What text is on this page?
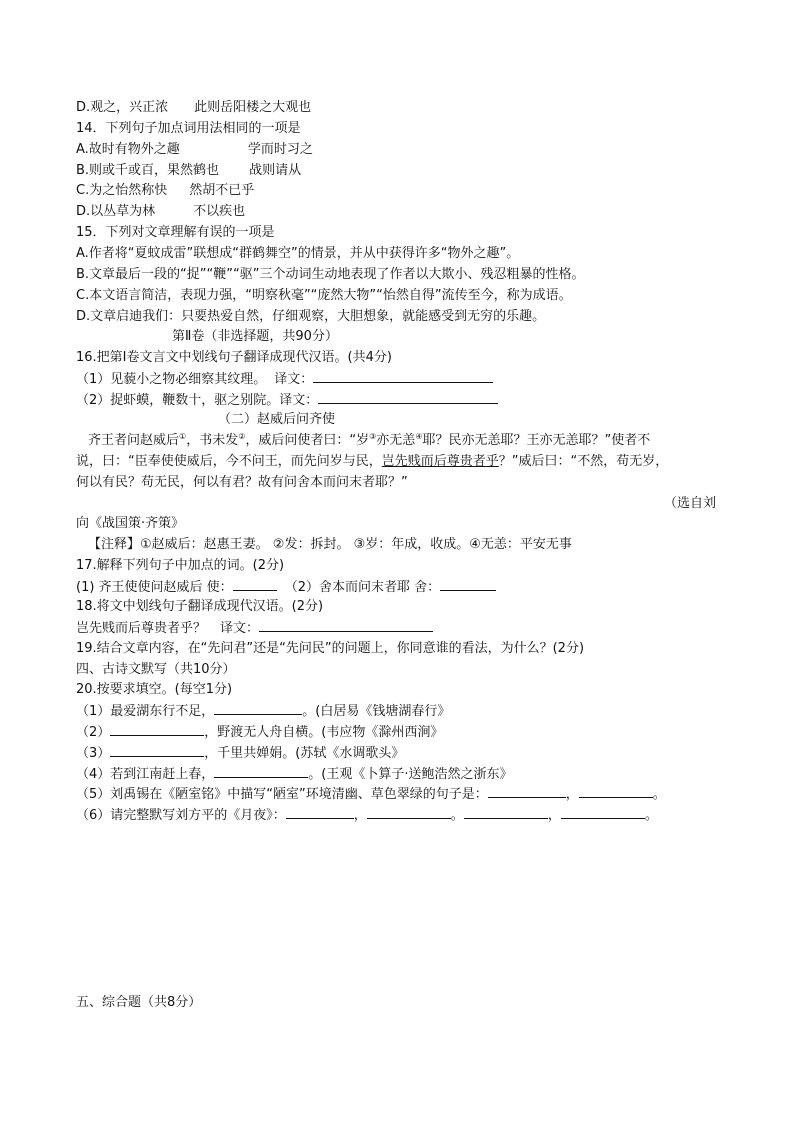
D.观之，兴正浓 此则岳阳楼之大观也
14．下列句子加点词用法相同的一项是
A.故时有物外之趣	学而时习之
B.则或千或百，果然鹤也 战则请从
C.为之怡然称快 然胡不已乎
D.以丛草为林	不以疾也
15．下列对文章理解有误的一项是
A.作者将“夏蚊成雷”联想成“群鹤舞空”的情景，并从中获得许多“物外之趣”。
B.文章最后一段的“捉”“鞭”“驱”三个动词生动地表现了作者以大欺小、残忍粗暴的性格。
C.本文语言简洁，表现力强，“明察秋毫”“庞然大物”“怡然自得”流传至今，称为成语。
D.文章启迪我们：只要热爱自然，仔细观察，大胆想象，就能感受到无穷的乐趣。
第Ⅱ卷（非选择题，共90分）
16.把第Ⅰ卷文言文中划线句子翻译成现代汉语。(共4分)
（1）见藐小之物必细察其纹理。 译文：
（2）捉虾蟆，鞭数十，驱之别院。译文：
（二）赵威后问齐使
齐王者问赵威后①，书未发②，威后问使者曰：“岁③亦无恙④耶？民亦无恙耶？王亦无恙耶？”使者不
说，曰：“臣奉使使威后，今不问王，而先问岁与民，岂先贱而后尊贵者乎？”威后曰：“不然，苟无岁，
何以有民？苟无民，何以有君？故有问舍本而问末者耶？”
（选自刘
向《战国策·齐策》
【注释】①赵威后：赵惠王妻。 ②发：拆封。 ③岁：年成，收成。④无恙：平安无事
17.解释下列句子中加点的词。(2分)
(1) 齐王使使问赵威后 使：	（2）舍本而问末者耶 舍：
18.将文中划线句子翻译成现代汉语。(2分)
岂先贱而后尊贵者乎？ 译文：
19.结合文章内容，在“先问君”还是“先问民”的问题上，你同意谁的看法，为什么？(2分)
四、古诗文默写（共10分）
20.按要求填空。(每空1分)
（1）最爱湖东行不足，	。(白居易《钱塘湖春行》
（2）	，野渡无人舟自横。(韦应物《滁州西涧》
（3）	，千里共婵娟。(苏轼《水调歌头》
（4）若到江南赶上春，	。(王观《卜算子·送鲍浩然之浙东》
（5）刘禹锡在《陋室铭》中描写“陋室”环境清幽、草色翠绿的句子是：	，	。
（6）请完整默写刘方平的《月夜》：	，	。	，	。
五、综合题（共8分）
